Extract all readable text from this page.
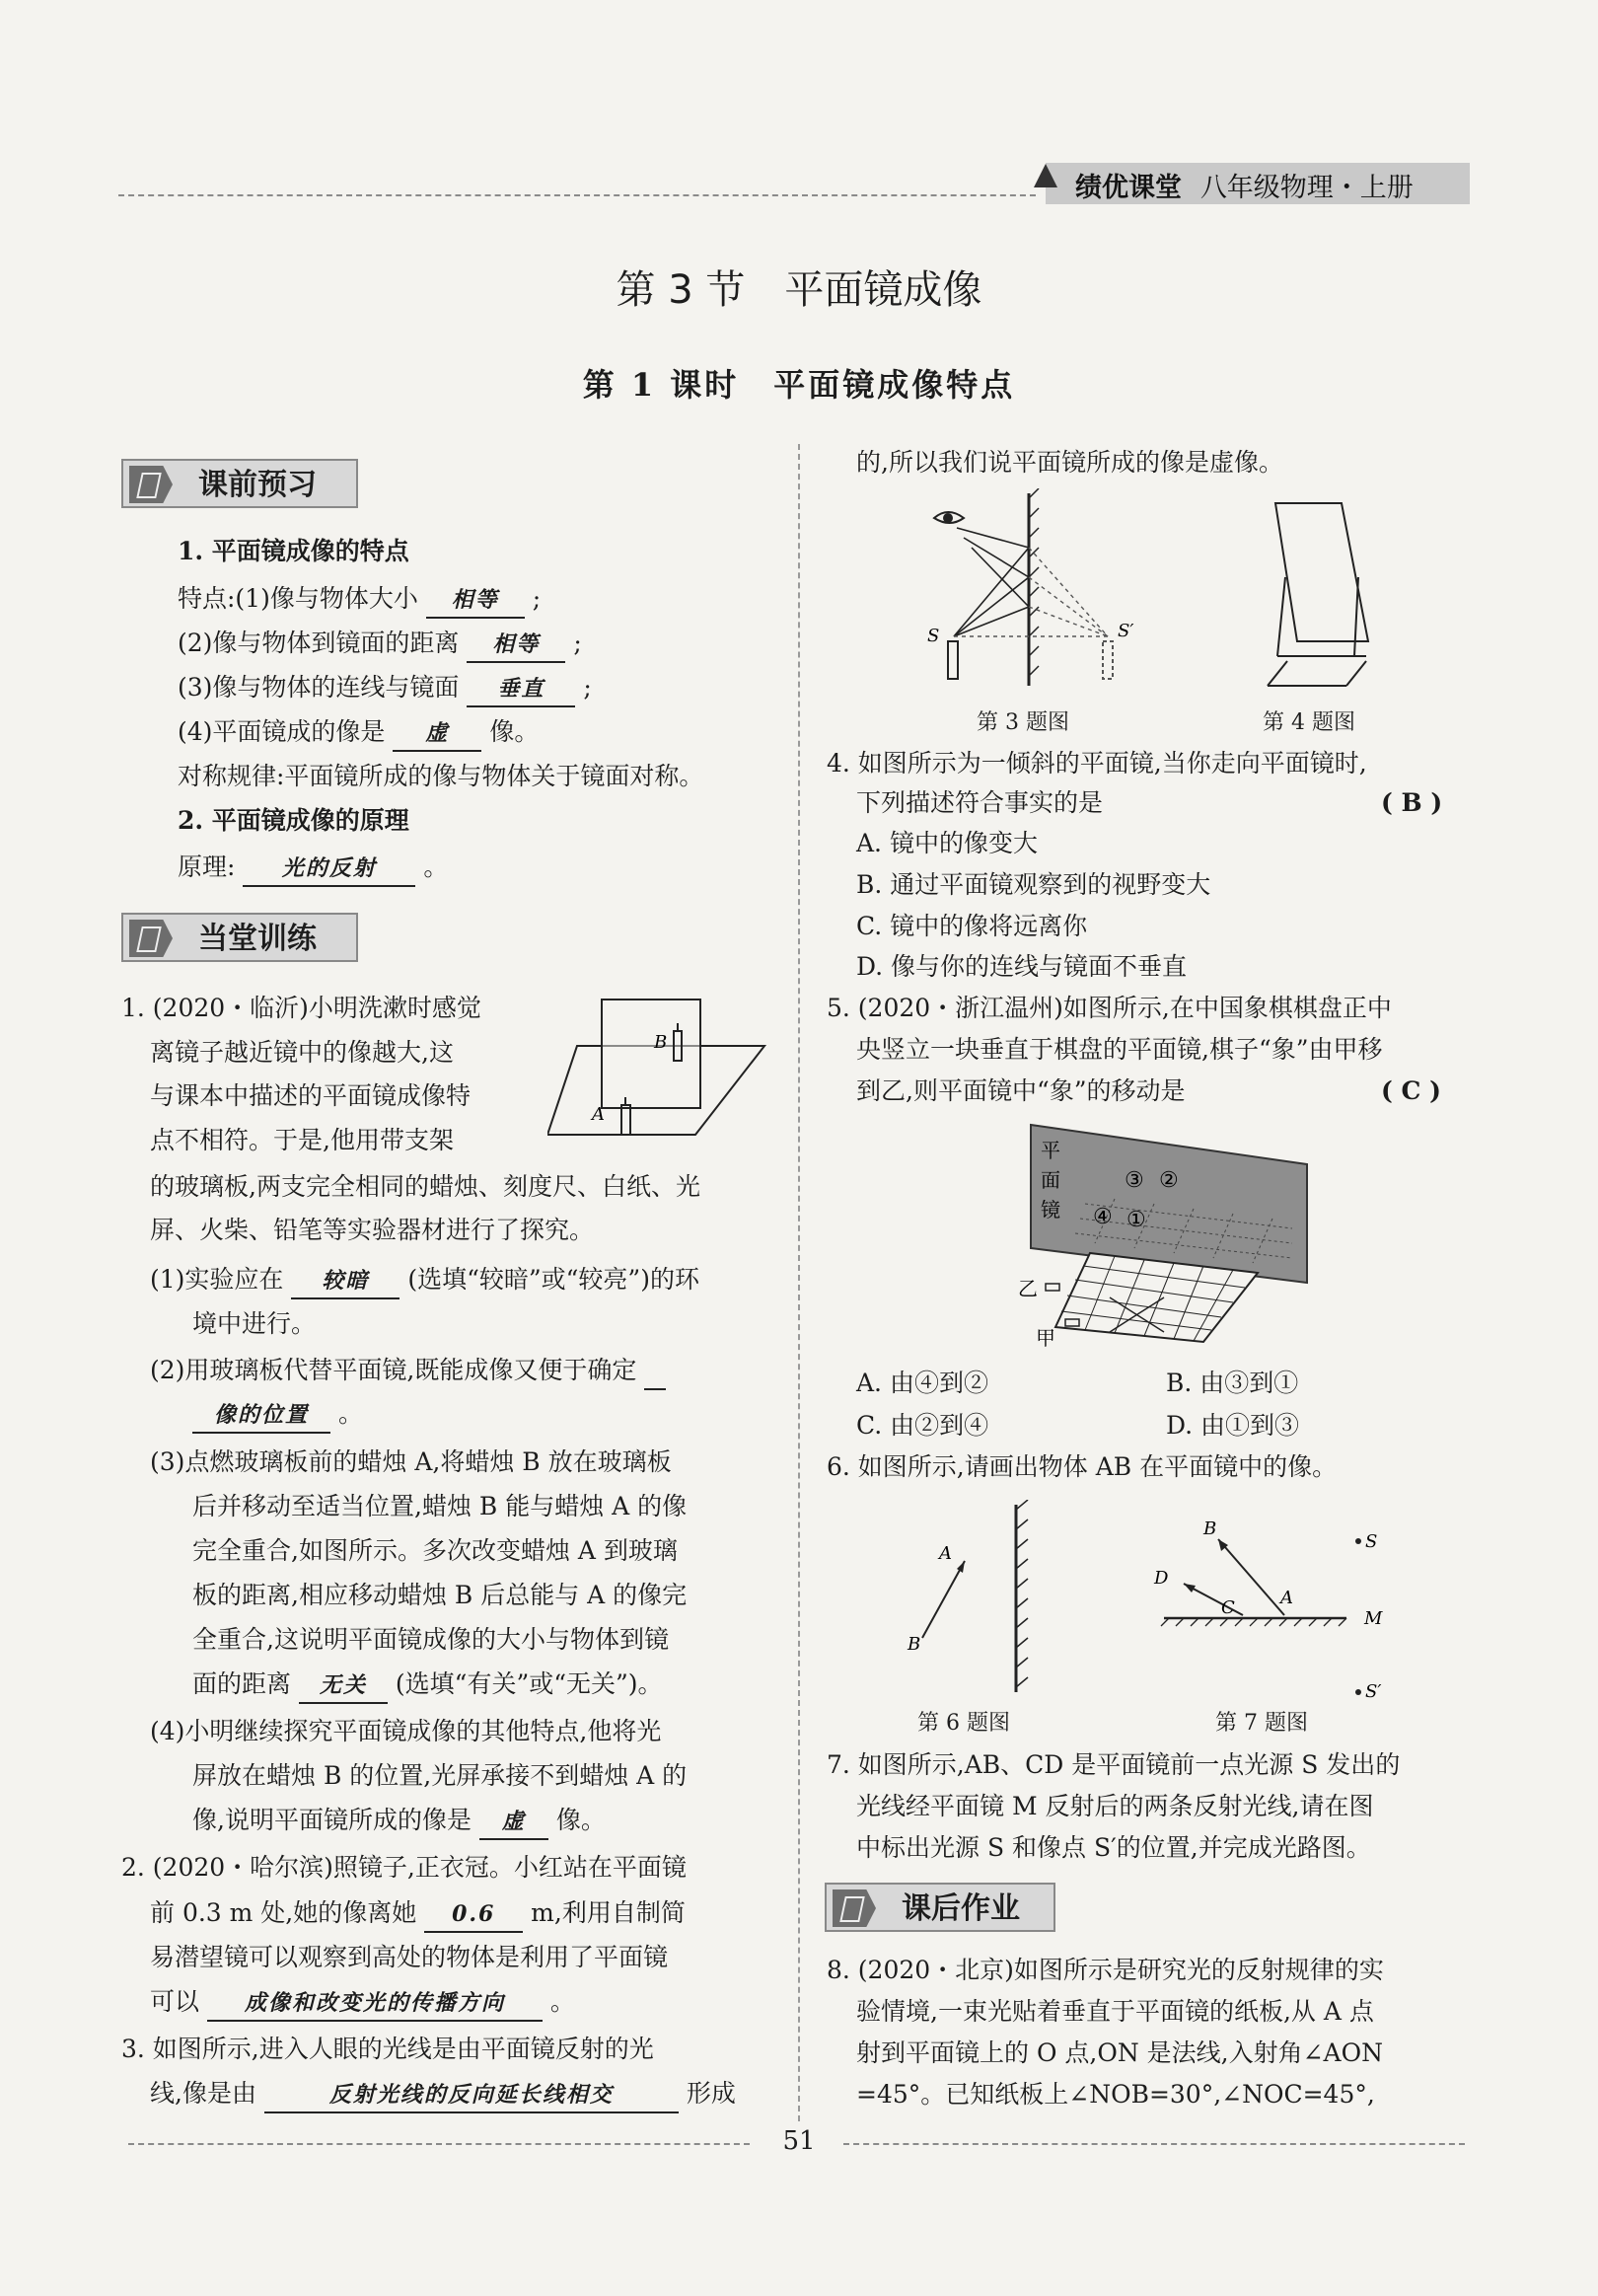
绩优课堂 八年级物理・上册
第 3 节　平面镜成像
第 1 课时　平面镜成像特点
课前预习
1. 平面镜成像的特点
特点:(1)像与物体大小 相等 ;
(2)像与物体到镜面的距离 相等 ;
(3)像与物体的连线与镜面 垂直 ;
(4)平面镜成的像是 虚 像。
对称规律:平面镜所成的像与物体关于镜面对称。
2. 平面镜成像的原理
原理: 光的反射 。
当堂训练
1. (2020・临沂)小明洗漱时感觉
离镜子越近镜中的像越大,这
与课本中描述的平面镜成像特
点不相符。于是,他用带支架
的玻璃板,两支完全相同的蜡烛、刻度尺、白纸、光
屏、火柴、铅笔等实验器材进行了探究。
B
A
(1)实验应在 较暗 (选填“较暗”或“较亮”)的环
境中进行。
(2)用玻璃板代替平面镜,既能成像又便于确定
像的位置 。
(3)点燃玻璃板前的蜡烛 A,将蜡烛 B 放在玻璃板
后并移动至适当位置,蜡烛 B 能与蜡烛 A 的像
完全重合,如图所示。多次改变蜡烛 A 到玻璃
板的距离,相应移动蜡烛 B 后总能与 A 的像完
全重合,这说明平面镜成像的大小与物体到镜
面的距离 无关 (选填“有关”或“无关”)。
(4)小明继续探究平面镜成像的其他特点,他将光
屏放在蜡烛 B 的位置,光屏承接不到蜡烛 A 的
像,说明平面镜所成的像是 虚 像。
2. (2020・哈尔滨)照镜子,正衣冠。小红站在平面镜
前 0.3 m 处,她的像离她 0.6 m,利用自制简
易潜望镜可以观察到高处的物体是利用了平面镜
可以 成像和改变光的传播方向 。
3. 如图所示,进入人眼的光线是由平面镜反射的光
线,像是由	反射光线的反向延长线相交	形成
的,所以我们说平面镜所成的像是虚像。
S	S′
第 3 题图	第 4 题图
4. 如图所示为一倾斜的平面镜,当你走向平面镜时,
下列描述符合事实的是	( B )
A. 镜中的像变大
B. 通过平面镜观察到的视野变大
C. 镜中的像将远离你
D. 像与你的连线与镜面不垂直
5. (2020・浙江温州)如图所示,在中国象棋棋盘正中
央竖立一块垂直于棋盘的平面镜,棋子“象”由甲移
到乙,则平面镜中“象”的移动是	( C )
平
面
镜
③ ②
④ ①
乙
甲
A. 由④到②	B. 由③到①
C. 由②到④	D. 由①到③
6. 如图所示,请画出物体 AB 在平面镜中的像。
A
B
第 6 题图
B
D
C	A
S
M
S′
第 7 题图
7. 如图所示,AB、CD 是平面镜前一点光源 S 发出的
光线经平面镜 M 反射后的两条反射光线,请在图
中标出光源 S 和像点 S′的位置,并完成光路图。
课后作业
8. (2020・北京)如图所示是研究光的反射规律的实
验情境,一束光贴着垂直于平面镜的纸板,从 A 点
射到平面镜上的 O 点,ON 是法线,入射角∠AON
=45°。已知纸板上∠NOB=30°,∠NOC=45°,
51
